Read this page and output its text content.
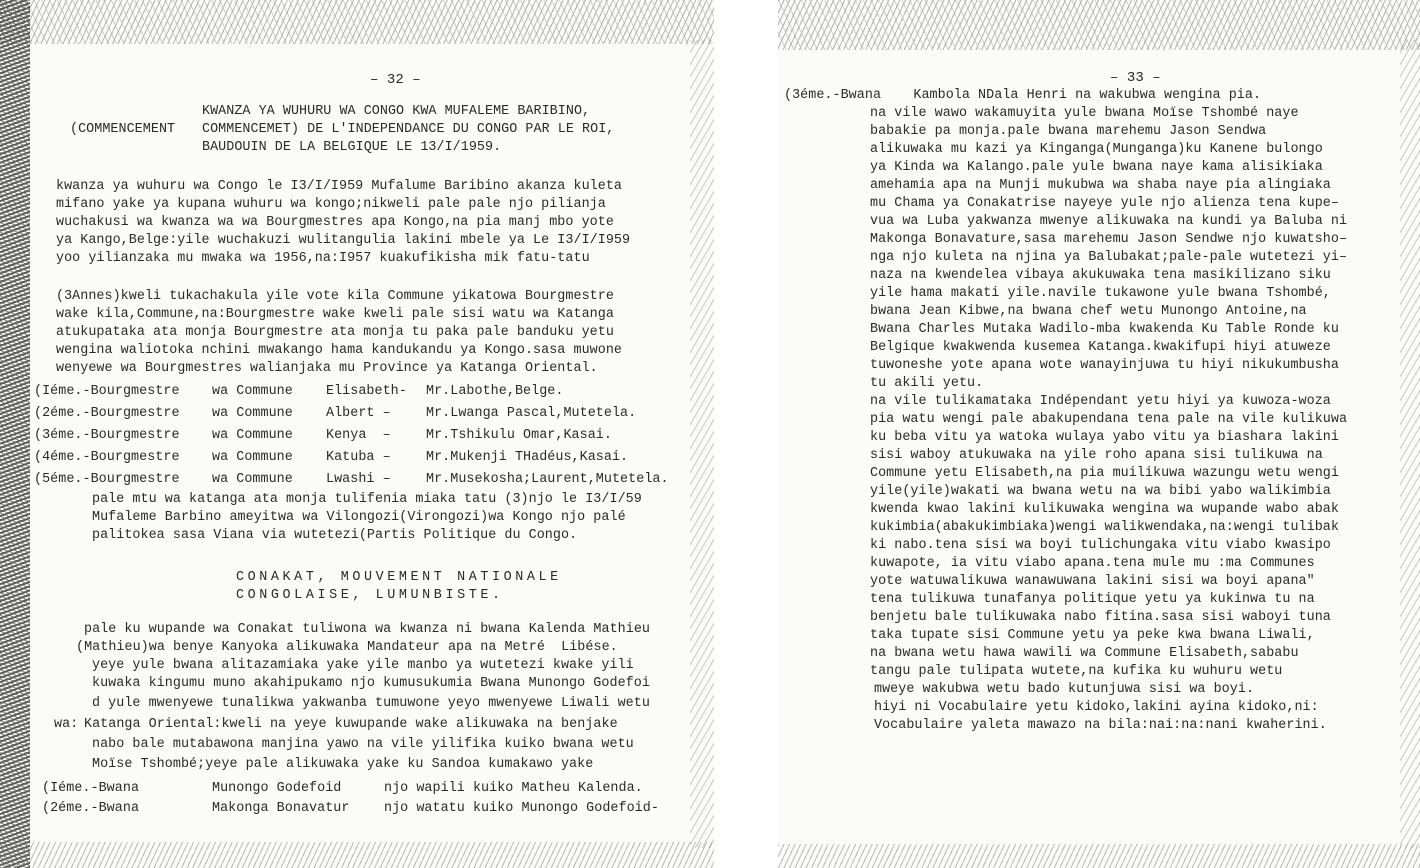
– 32 –
KWANZA YA WUHURU WA CONGO KWA MUFALEME BARIBINO,
(COMMENCEMENT COMMENCEMET) DE L'INDEPENDANCE DU CONGO PAR LE ROI,
BAUDOUIN DE LA BELGIQUE LE 13/I/1959.
kwanza ya wuhuru wa Congo le I3/I/I959 Mufalume Baribino akanza kuleta
mifano yake ya kupana wuhuru wa kongo;nikweli pale pale njo pilianja
wuchakusi wa kwanza wa wa Bourgmestres apa Kongo,na pia manj mbo yote
ya Kango,Belge:yile wuchakuzi wulitangulia lakini mbele ya Le I3/I/I959
yoo yilianzaka mu mwaka wa 1956,na:I957 kuakufikisha mik fatu-tatu
(3Annes)kweli tukachakula yile vote kila Commune yikatowa Bourgmestre
wake kila,Commune,na:Bourgmestre wake kweli pale sisi watu wa Katanga
atukupataka ata monja Bourgmestre ata monja tu paka pale banduku yetu
wengina waliotoka nchini mwakango hama kandukandu ya Kongo.sasa muwone
wenyewe wa Bourgmestres walianjaka mu Province ya Katanga Oriental.
(Iéme.-Bourgmestre wa Commune Elisabeth- Mr.Labothe,Belge.
(2éme.-Bourgmestre wa Commune Albert –	Mr.Lwanga Pascal,Mutetela.
(3éme.-Bourgmestre wa Commune Kenya  –	Mr.Tshikulu Omar,Kasai.
(4éme.-Bourgmestre wa Commune Katuba –	Mr.Mukenji THadéus,Kasai.
(5éme.-Bourgmestre wa Commune Lwashi –	Mr.Musekosha;Laurent,Mutetela.
pale mtu wa katanga ata monja tulifenia miaka tatu (3)njo le I3/I/59
Mufaleme Barbino ameyitwa wa Vilongozi(Virongozi)wa Kongo njo palé
palitokea sasa Viana via wutetezi(Partis Politique du Congo.
CONAKAT, MOUVEMENT NATIONALE
CONGOLAISE, LUMUNBISTE.
pale ku wupande wa Conakat tuliwona wa kwanza ni bwana Kalenda Mathieu
(Mathieu)wa benye Kanyoka alikuwaka Mandateur apa na Metré  Libése.
yeye yule bwana alitazamiaka yake yile manbo ya wutetezi kwake yili
kuwaka kingumu muno akahipukamo njo kumusukumia Bwana Munongo Godefoi
d yule mwenyewe tunalikwa yakwanba tumuwone yeyo mwenyewe Liwali wetu
wa: Katanga Oriental:kweli na yeye kuwupande wake alikuwaka na benjake
nabo bale mutabawona manjina yawo na vile yilifika kuiko bwana wetu
Moïse Tshombé;yeye pale alikuwaka yake ku Sandoa kumakawo yake
(Iéme.-Bwana	Munongo Godefoid	njo wapili kuiko Matheu Kalenda.
(2éme.-Bwana	Makonga Bonavatur	njo watatu kuiko Munongo Godefoid-
– 33 –
(3éme.-Bwana    Kambola NDala Henri na wakubwa wengina pia.
na vile wawo wakamuyita yule bwana Moïse Tshombé naye
babakie pa monja.pale bwana marehemu Jason Sendwa
alikuwaka mu kazi ya Kinganga(Munganga)ku Kanene bulongo
ya Kinda wa Kalango.pale yule bwana naye kama alisikiaka
amehamia apa na Munji mukubwa wa shaba naye pia alingiaka
mu Chama ya Conakatrise nayeye yule njo alienza tena kupe–
vua wa Luba yakwanza mwenye alikuwaka na kundi ya Baluba ni
Makonga Bonavature,sasa marehemu Jason Sendwe njo kuwatsho–
nga njo kuleta na njina ya Balubakat;pale-pale wutetezi yi–
naza na kwendelea vibaya akukuwaka tena masikilizano siku
yile hama makati yile.navile tukawone yule bwana Tshombé,
bwana Jean Kibwe,na bwana chef wetu Munongo Antoine,na
Bwana Charles Mutaka Wadilo-mba kwakenda Ku Table Ronde ku
Belgique kwakwenda kusemea Katanga.kwakifupi hiyi atuweze
tuwoneshe yote apana wote wanayinjuwa tu hiyi nikukumbusha
tu akili yetu.
na vile tulikamataka Indépendant yetu hiyi ya kuwoza-woza
pia watu wengi pale abakupendana tena pale na vile kulikuwa
ku beba vitu ya watoka wulaya yabo vitu ya biashara lakini
sisi waboy atukuwaka na yile roho apana sisi tulikuwa na
Commune yetu Elisabeth,na pia muilikuwa wazungu wetu wengi
yile(yile)wakati wa bwana wetu na wa bibi yabo walikimbia
kwenda kwao lakini kulikuwaka wengina wa wupande wabo abak
kukimbia(abakukimbiaka)wengi walikwendaka,na:wengi tulibak
ki nabo.tena sisi wa boyi tulichungaka vitu viabo kwasipo
kuwapote, ia vitu viabo apana.tena mule mu :ma Communes
yote watuwalikuwa wanawuwana lakini sisi wa boyi apana"
tena tulikuwa tunafanya politique yetu ya kukinwa tu na
benjetu bale tulikuwaka nabo fitina.sasa sisi waboyi tuna
taka tupate sisi Commune yetu ya peke kwa bwana Liwali,
na bwana wetu hawa wawili wa Commune Elisabeth,sababu
tangu pale tulipata wutete,na kufika ku wuhuru wetu
mweye wakubwa wetu bado kutunjuwa sisi wa boyi.
hiyi ni Vocabulaire yetu kidoko,lakini ayina kidoko,ni:
Vocabulaire yaleta mawazo na bila:nai:na:nani kwaherini.
